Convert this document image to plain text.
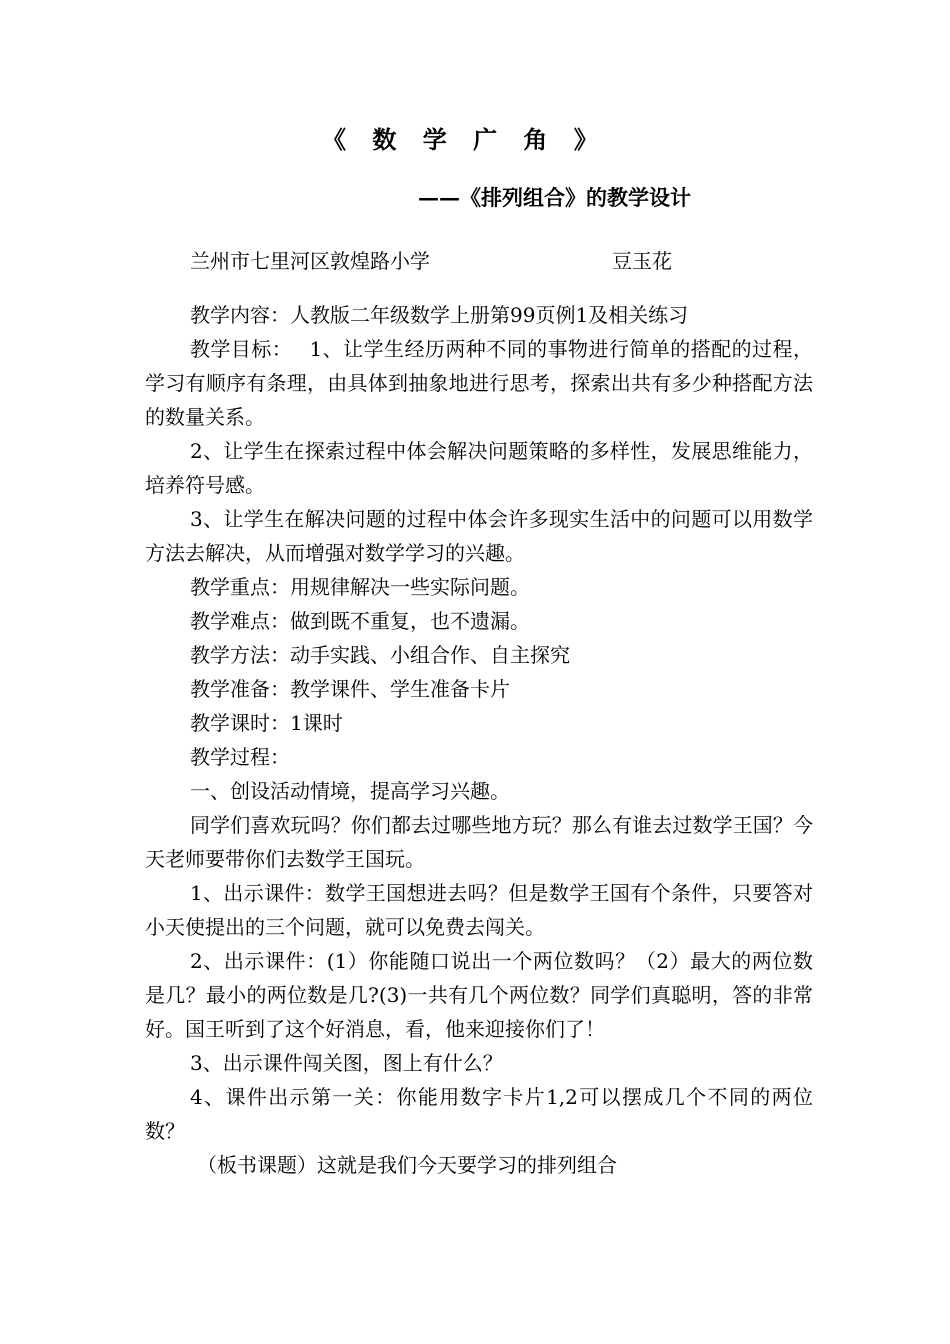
《 数 学 广 角 》
——《排列组合》的教学设计
兰州市七里河区敦煌路小学	豆玉花

教学内容：人教版二年级数学上册第99页例1及相关练习

教学目标：　 1、让学生经历两种不同的事物进行简单的搭配的过程，学习有顺序有条理，由具体到抽象地进行思考，探索出共有多少种搭配方法的数量关系。

2、让学生在探索过程中体会解决问题策略的多样性，发展思维能力，培养符号感。

3、让学生在解决问题的过程中体会许多现实生活中的问题可以用数学方法去解决，从而增强对数学学习的兴趣。

教学重点：用规律解决一些实际问题。

教学难点：做到既不重复，也不遗漏。

教学方法：动手实践、小组合作、自主探究

教学准备：教学课件、学生准备卡片

教学课时：1课时

教学过程：

一、创设活动情境，提高学习兴趣。

同学们喜欢玩吗？你们都去过哪些地方玩？那么有谁去过数学王国？今天老师要带你们去数学王国玩。

1、出示课件：数学王国想进去吗？但是数学王国有个条件，只要答对小天使提出的三个问题，就可以免费去闯关。

2、出示课件：(1）你能随口说出一个两位数吗？（2）最大的两位数是几？最小的两位数是几?(3)一共有几个两位数？同学们真聪明，答的非常好。国王听到了这个好消息，看，他来迎接你们了！

3、出示课件闯关图，图上有什么？

4、课件出示第一关：你能用数字卡片1,2可以摆成几个不同的两位数？

（板书课题）这就是我们今天要学习的排列组合
